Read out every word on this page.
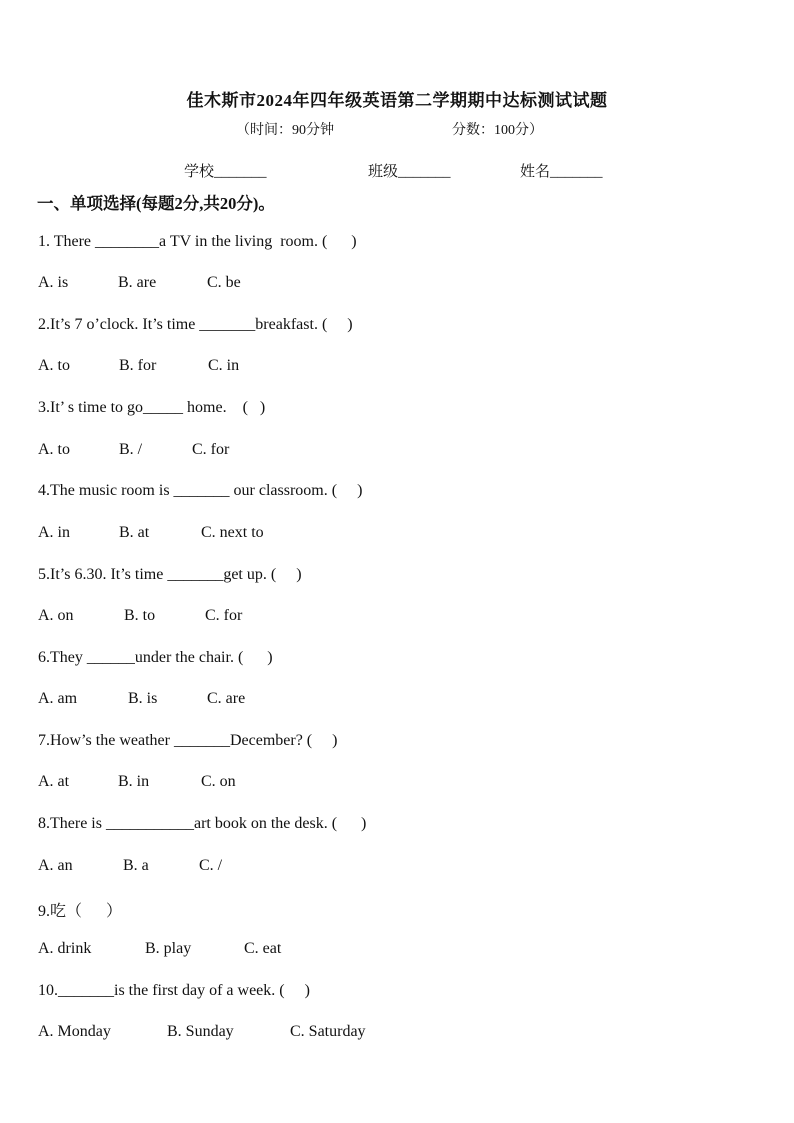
佳木斯市2024年四年级英语第二学期期中达标测试试题
（时间：90分钟	分数：100分）
学校_______	班级_______	姓名_______
一、单项选择(每题2分,共20分)。
1. There ________a TV in the living  room. (      )
A. is	B. are	C. be
2.It’s 7 o’clock. It’s time _______breakfast. (     )
A. to	B. for	C. in
3.It’ s time to go_____ home.    (   )
A. to	B. /	C. for
4.The music room is _______ our classroom. (     )
A. in	B. at	C. next to
5.It’s 6.30. It’s time _______get up. (     )
A. on	B. to	C. for
6.They ______under the chair. (      )
A. am	B. is	C. are
7.How’s the weather _______December? (     )
A. at	B. in	C. on
8.There is ___________art book on the desk. (      )
A. an	B. a	C. /
9.吃（      ）
A. drink	B. play	C. eat
10._______is the first day of a week. (     )
A. Monday	B. Sunday	C. Saturday
